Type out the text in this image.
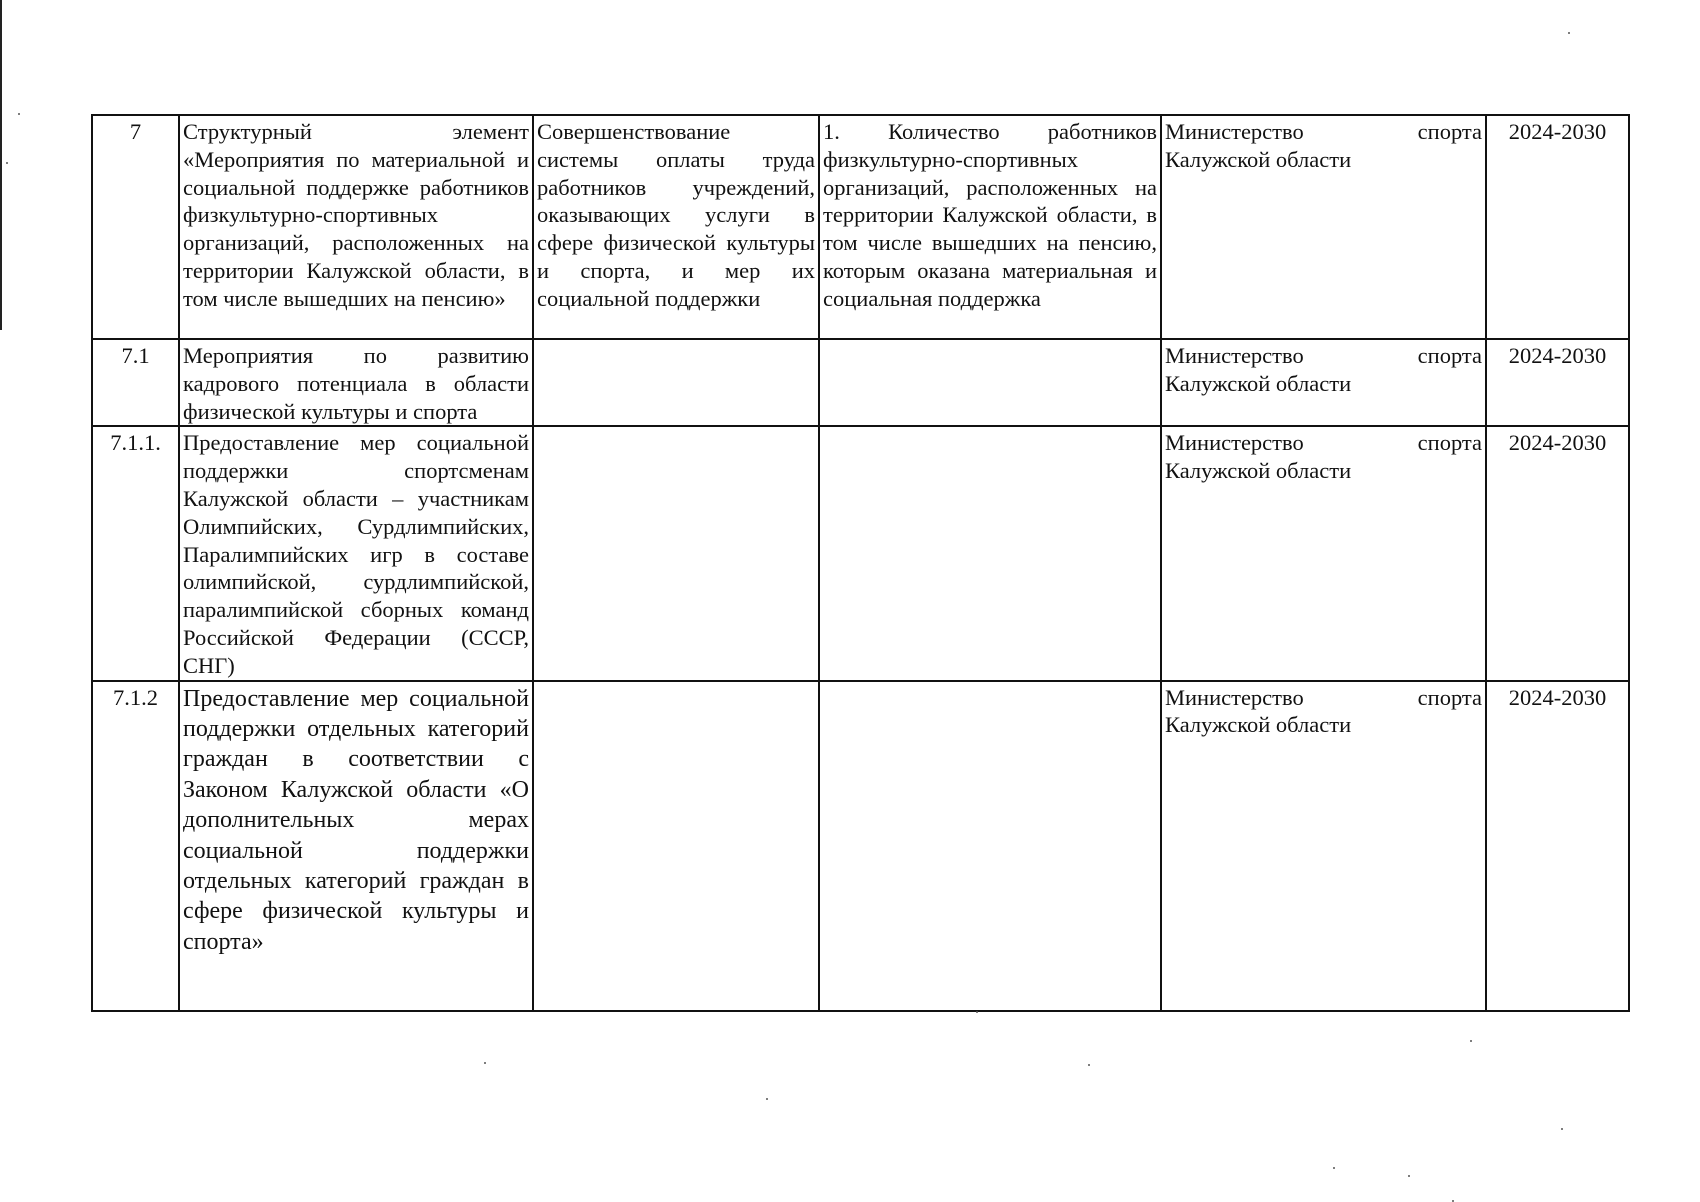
7	Структурный элемент «Мероприятия по материальной и социальной поддержке работников физкультурно-спортивных организаций, расположенных на территории Калужской области, в том числе вышедших на пенсию»	Совершенствование системы оплаты труда работников учреждений, оказывающих услуги в сфере физической культуры и спорта, и мер их социальной поддержки	1. Количество работников физкультурно-спортивных организаций, расположенных на территории Калужской области, в том числе вышедших на пенсию, которым оказана материальная и социальная поддержка	Министерство спорта Калужской области	2024-2030
7.1	Мероприятия по развитию кадрового потенциала в области физической культуры и спорта			Министерство спорта Калужской области	2024-2030
7.1.1.	Предоставление мер социальной поддержки спортсменам Калужской области – участникам Олимпийских, Сурдлимпийских, Паралимпийских игр в составе олимпийской, сурдлимпийской, паралимпийской сборных команд Российской Федерации (СССР, СНГ)			Министерство спорта Калужской области	2024-2030
7.1.2	Предоставление мер социальной поддержки отдельных категорий граждан в соответствии с Законом Калужской области «О дополнительных мерах социальной поддержки отдельных категорий граждан в сфере физической культуры и спорта»			Министерство спорта Калужской области	2024-2030
